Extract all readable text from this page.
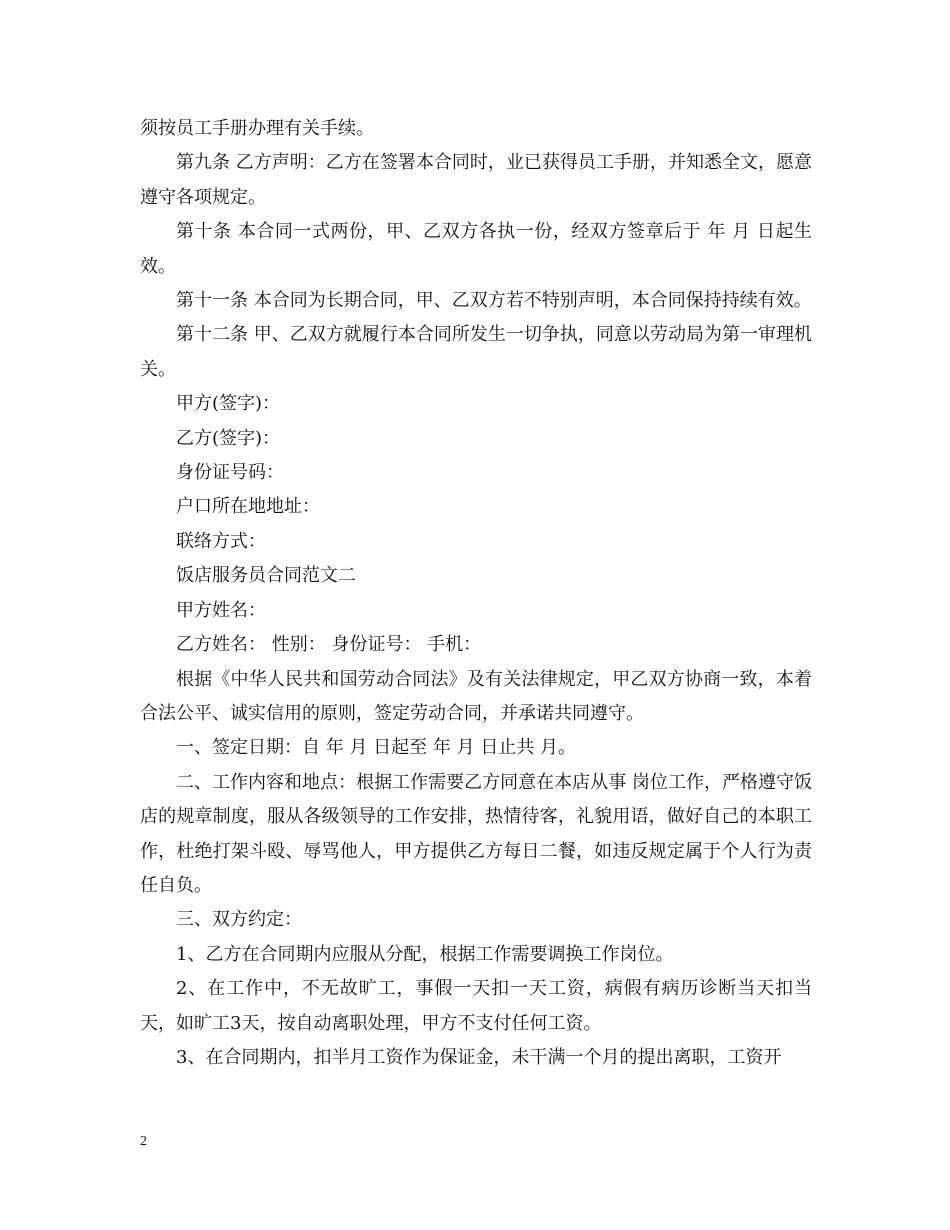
须按员工手册办理有关手续。

第九条 乙方声明：乙方在签署本合同时，业已获得员工手册，并知悉全文，愿意遵守各项规定。

第十条 本合同一式两份，甲、乙双方各执一份，经双方签章后于 年 月 日起生效。

第十一条 本合同为长期合同，甲、乙双方若不特别声明，本合同保持持续有效。

第十二条 甲、乙双方就履行本合同所发生一切争执，同意以劳动局为第一审理机关。

甲方(签字)：

乙方(签字)：

身份证号码：

户口所在地地址：

联络方式：

饭店服务员合同范文二

甲方姓名：

乙方姓名： 性别： 身份证号： 手机：

根据《中华人民共和国劳动合同法》及有关法律规定，甲乙双方协商一致，本着合法公平、诚实信用的原则，签定劳动合同，并承诺共同遵守。

一、签定日期：自 年 月 日起至 年 月 日止共 月。

二、工作内容和地点：根据工作需要乙方同意在本店从事 岗位工作，严格遵守饭店的规章制度，服从各级领导的工作安排，热情待客，礼貌用语，做好自己的本职工作，杜绝打架斗殴、辱骂他人，甲方提供乙方每日二餐，如违反规定属于个人行为责任自负。

三、双方约定：

1、乙方在合同期内应服从分配，根据工作需要调换工作岗位。

2、在工作中，不无故旷工，事假一天扣一天工资，病假有病历诊断当天扣当天，如旷工3天，按自动离职处理，甲方不支付任何工资。

3、在合同期内，扣半月工资作为保证金，未干满一个月的提出离职，工资开

2
